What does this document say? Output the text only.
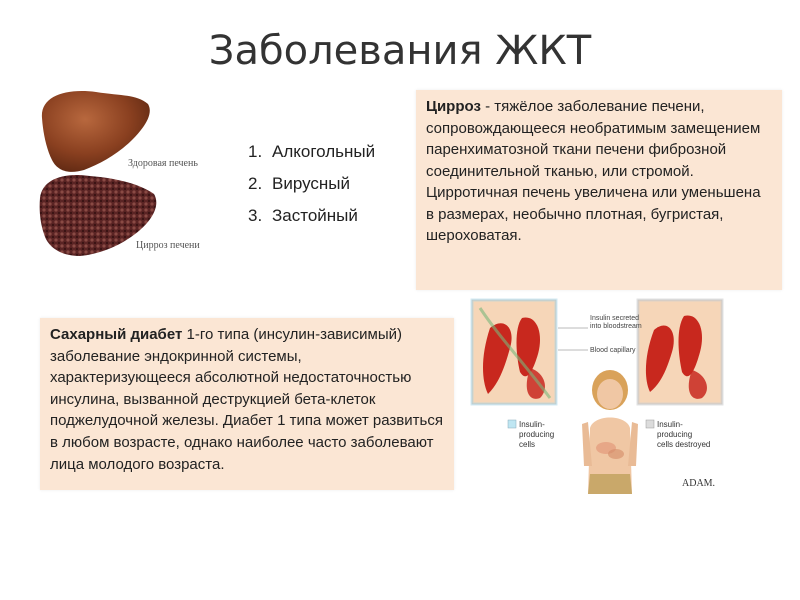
Заболевания ЖКТ
Здоровая печень
Цирроз печени
1. Алкогольный
2. Вирусный
3. Застойный

Цирроз - тяжёлое заболевание печени, сопровождающееся необратимым замещением паренхиматозной ткани печени фиброзной соединительной тканью, или стромой.

Цирротичная печень увеличена или уменьшена в размерах, необычно плотная, бугристая, шероховатая.

Сахарный диабет 1-го типа (инсулин-зависимый) заболевание эндокринной системы, характеризующееся абсолютной недостаточностью инсулина, вызванной деструкцией бета-клеток поджелудочной железы. Диабет 1 типа может развиться в любом возрасте, однако наиболее часто заболевают лица молодого возраста.

Insulin secreted
into bloodstream
Blood capillary
Insulin-
producing
cells
Insulin-
producing
cells destroyed
ADAM.
